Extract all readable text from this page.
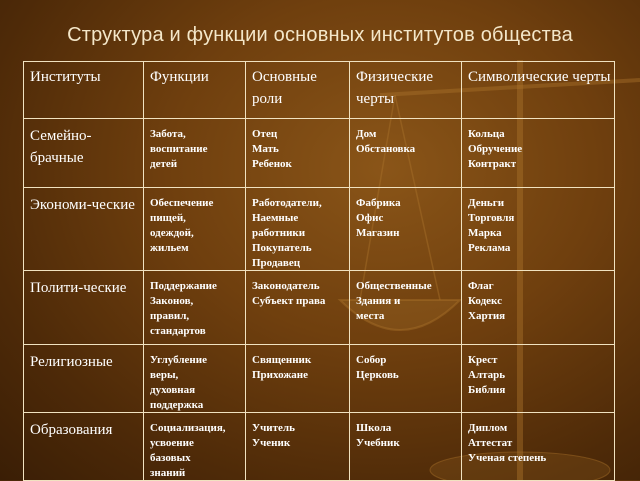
Структура и функции основных институтов общества
Институты	Функции	Основные роли	Физические черты	Символические черты
Семейно-брачные	Забота,
воспитание
детей	Отец
Мать
Ребенок	Дом
Обстановка	Кольца
Обручение
Контракт

Экономи-ческие	Обеспечение
пищей,
одеждой,
жильем	Работодатели,
Наемные
работники
Покупатель
Продавец	Фабрика
Офис
Магазин	Деньги
Торговля
Марка
Реклама

Полити-ческие	Поддержание
Законов,
правил,
стандартов	Законодатель
Субъект права	Общественные
Здания и
места	Флаг
Кодекс
Хартия

Религиозные	Углубление
веры,
духовная
поддержка	Священник
Прихожане	Собор
Церковь	Крест
Алтарь
Библия

Образования	Социализация,
усвоение
базовых
знаний	Учитель
Ученик	Школа
Учебник	Диплом
Аттестат
Ученая степень
